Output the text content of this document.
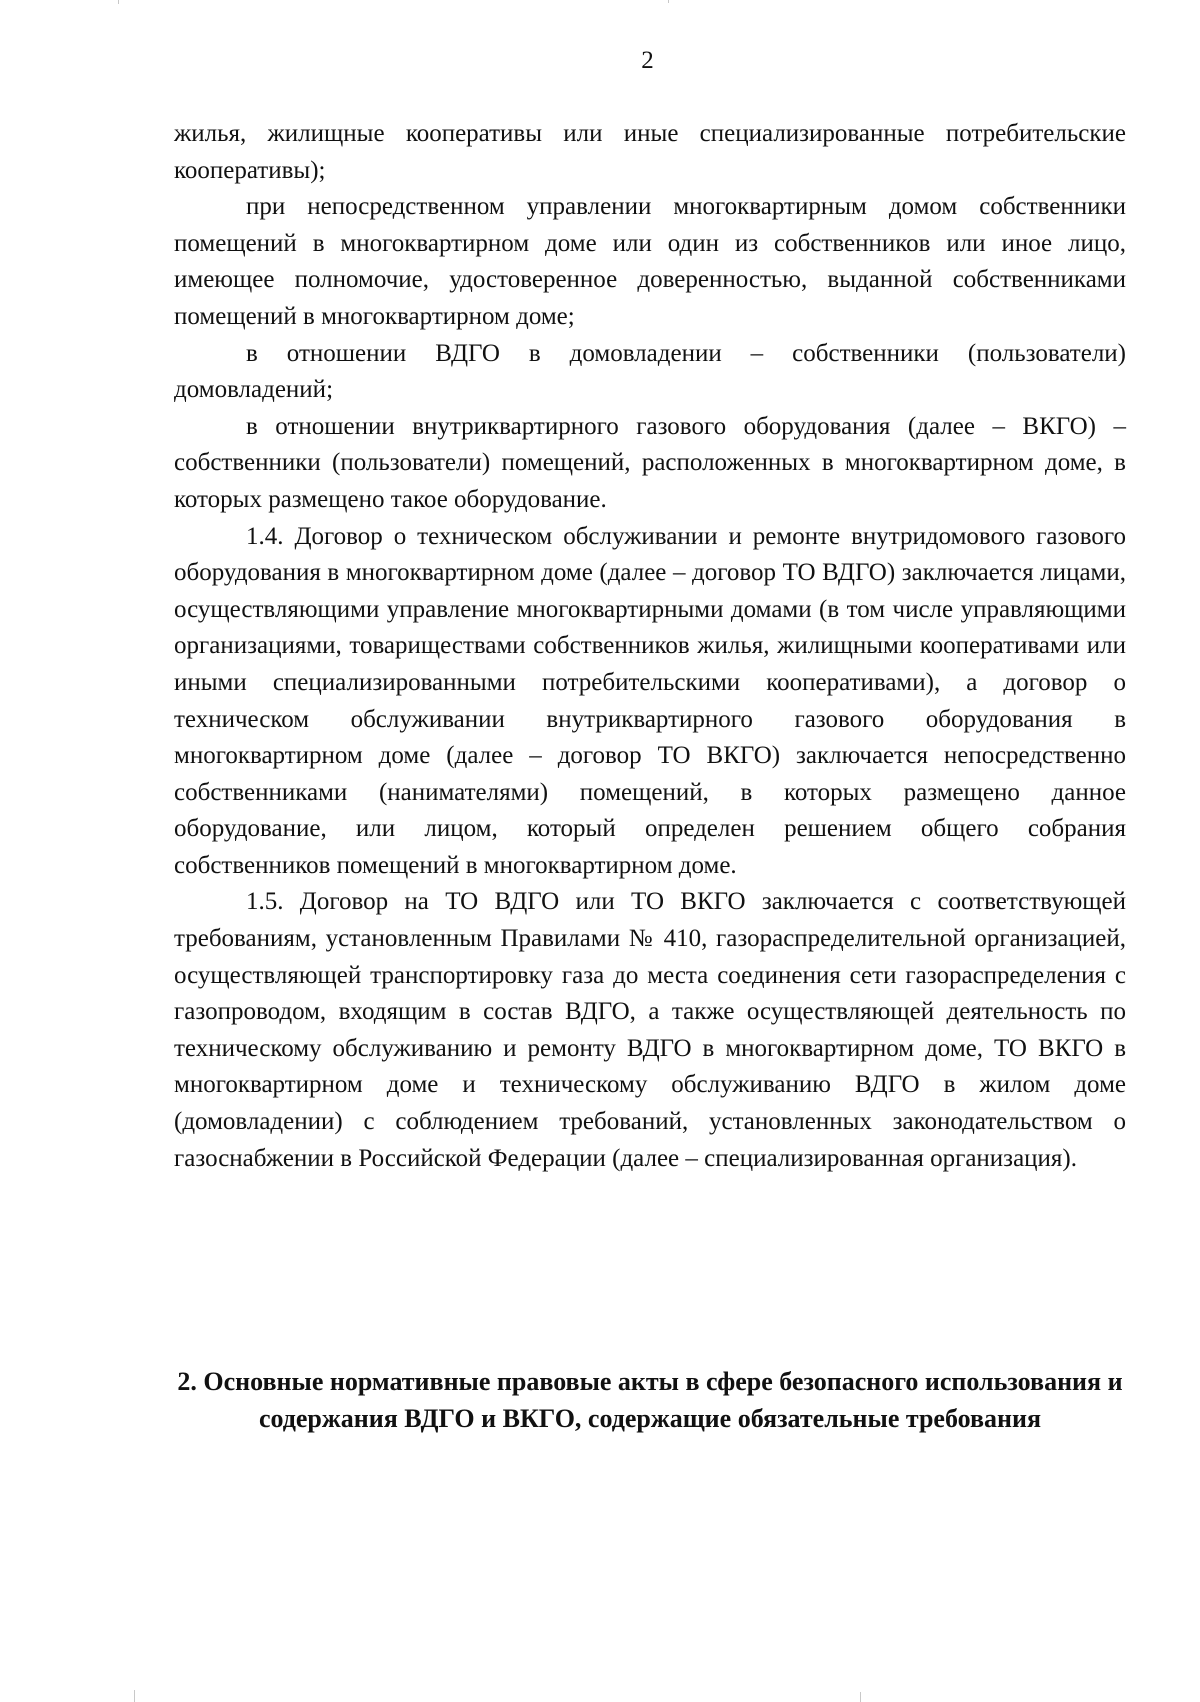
2

жилья, жилищные кооперативы или иные специализированные потребительские кооперативы);

при непосредственном управлении многоквартирным домом собственники помещений в многоквартирном доме или один из собственников или иное лицо, имеющее полномочие, удостоверенное доверенностью, выданной собственниками помещений в многоквартирном доме;

в отношении ВДГО в домовладении – собственники (пользователи) домовладений;

в отношении внутриквартирного газового оборудования (далее – ВКГО) – собственники (пользователи) помещений, расположенных в многоквартирном доме, в которых размещено такое оборудование.

1.4. Договор о техническом обслуживании и ремонте внутридомового газового оборудования в многоквартирном доме (далее – договор ТО ВДГО) заключается лицами, осуществляющими управление многоквартирными домами (в том числе управляющими организациями, товариществами собственников жилья, жилищными кооперативами или иными специализированными потребительскими кооперативами), а договор о техническом обслуживании внутриквартирного газового оборудования в многоквартирном доме (далее – договор ТО ВКГО) заключается непосредственно собственниками (нанимателями) помещений, в которых размещено данное оборудование, или лицом, который определен решением общего собрания собственников помещений в многоквартирном доме.

1.5. Договор на ТО ВДГО или ТО ВКГО заключается с соответствующей требованиям, установленным Правилами № 410, газораспределительной организацией, осуществляющей транспортировку газа до места соединения сети газораспределения с газопроводом, входящим в состав ВДГО, а также осуществляющей деятельность по техническому обслуживанию и ремонту ВДГО в многоквартирном доме, ТО ВКГО в многоквартирном доме и техническому обслуживанию ВДГО в жилом доме (домовладении) с соблюдением требований, установленных законодательством о газоснабжении в Российской Федерации (далее – специализированная организация).

2. Основные нормативные правовые акты в сфере безопасного использования и содержания ВДГО и ВКГО, содержащие обязательные требования
